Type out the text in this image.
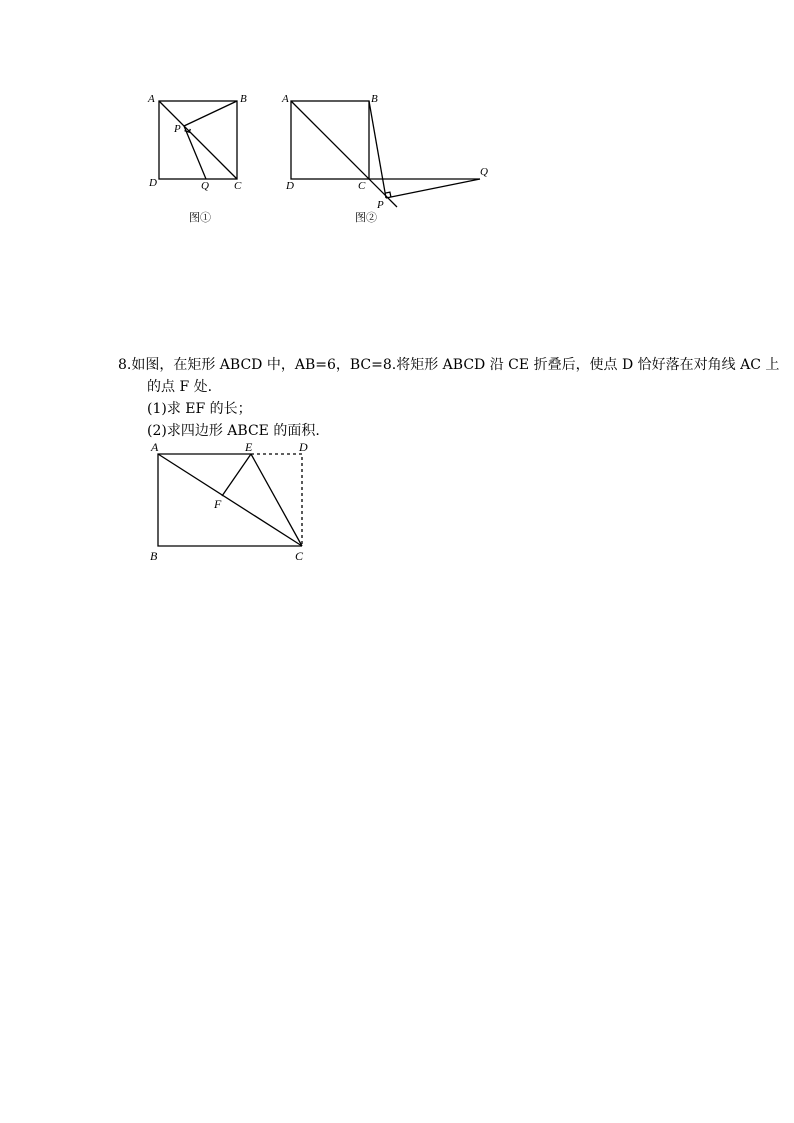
A	B
C
D
P
Q
图①
A	B
C
D
P
Q
图②
8.如图，在矩形 ABCD 中，AB=6，BC=8.将矩形 ABCD 沿 CE 折叠后，使点 D 恰好落在对角线 AC 上
的点 F 处.
(1)求 EF 的长；
(2)求四边形 ABCE 的面积.
A
B	C
D
E
F
